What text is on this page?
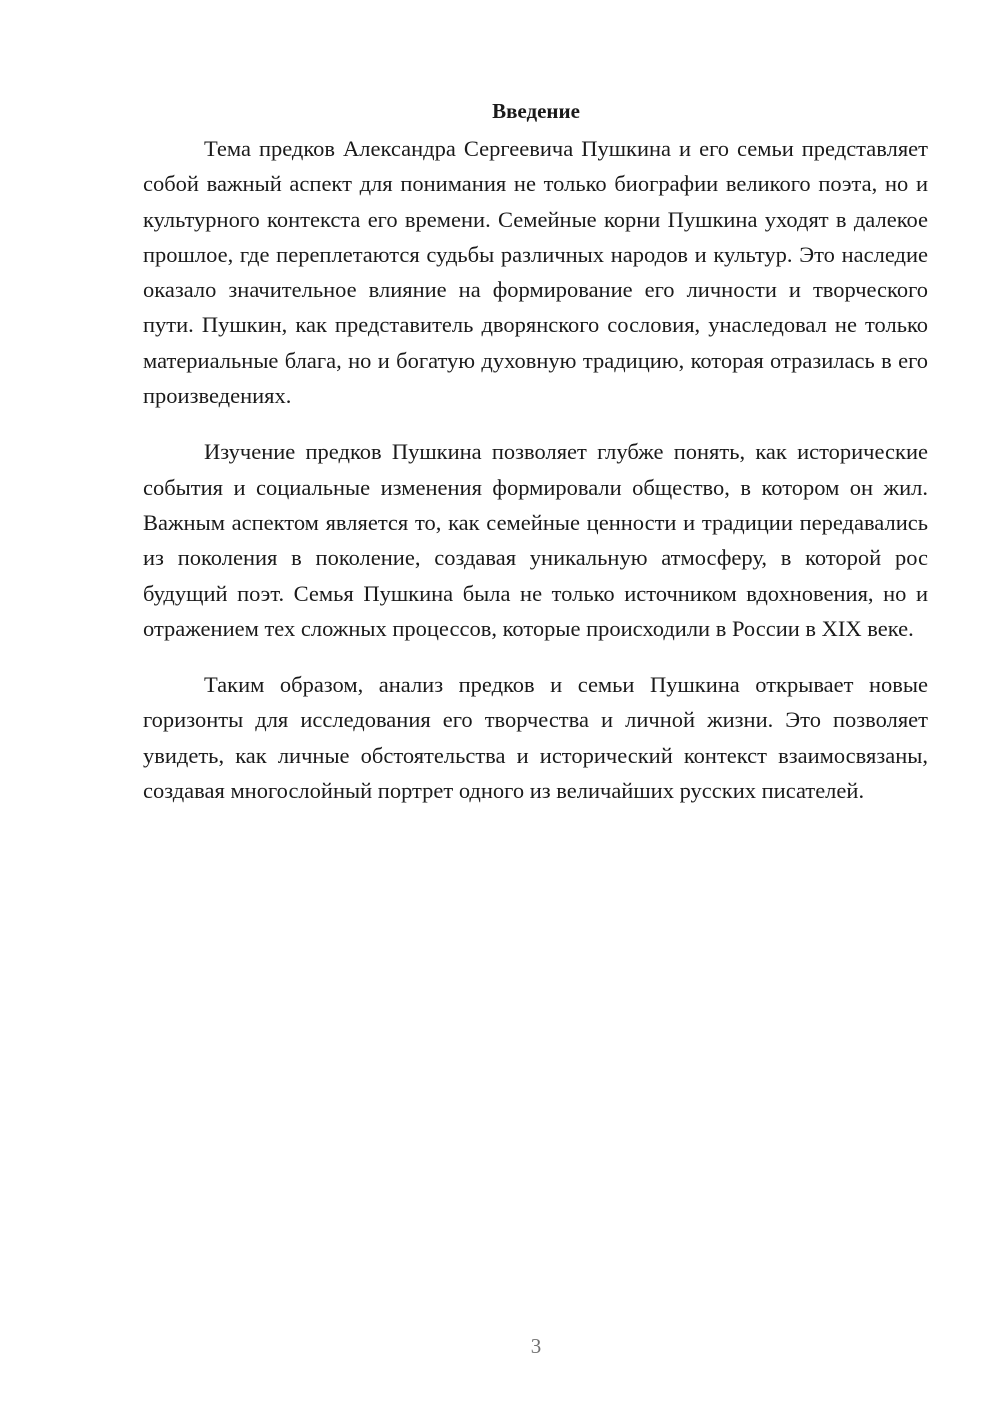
Введение

Тема предков Александра Сергеевича Пушкина и его семьи представляет собой важный аспект для понимания не только биографии великого поэта, но и культурного контекста его времени. Семейные корни Пушкина уходят в далекое прошлое, где переплетаются судьбы различных народов и культур. Это наследие оказало значительное влияние на формирование его личности и творческого пути. Пушкин, как представитель дворянского сословия, унаследовал не только материальные блага, но и богатую духовную традицию, которая отразилась в его произведениях.

Изучение предков Пушкина позволяет глубже понять, как исторические события и социальные изменения формировали общество, в котором он жил. Важным аспектом является то, как семейные ценности и традиции передавались из поколения в поколение, создавая уникальную атмосферу, в которой рос будущий поэт. Семья Пушкина была не только источником вдохновения, но и отражением тех сложных процессов, которые происходили в России в XIX веке.

Таким образом, анализ предков и семьи Пушкина открывает новые горизонты для исследования его творчества и личной жизни. Это позволяет увидеть, как личные обстоятельства и исторический контекст взаимосвязаны, создавая многослойный портрет одного из величайших русских писателей.

3
